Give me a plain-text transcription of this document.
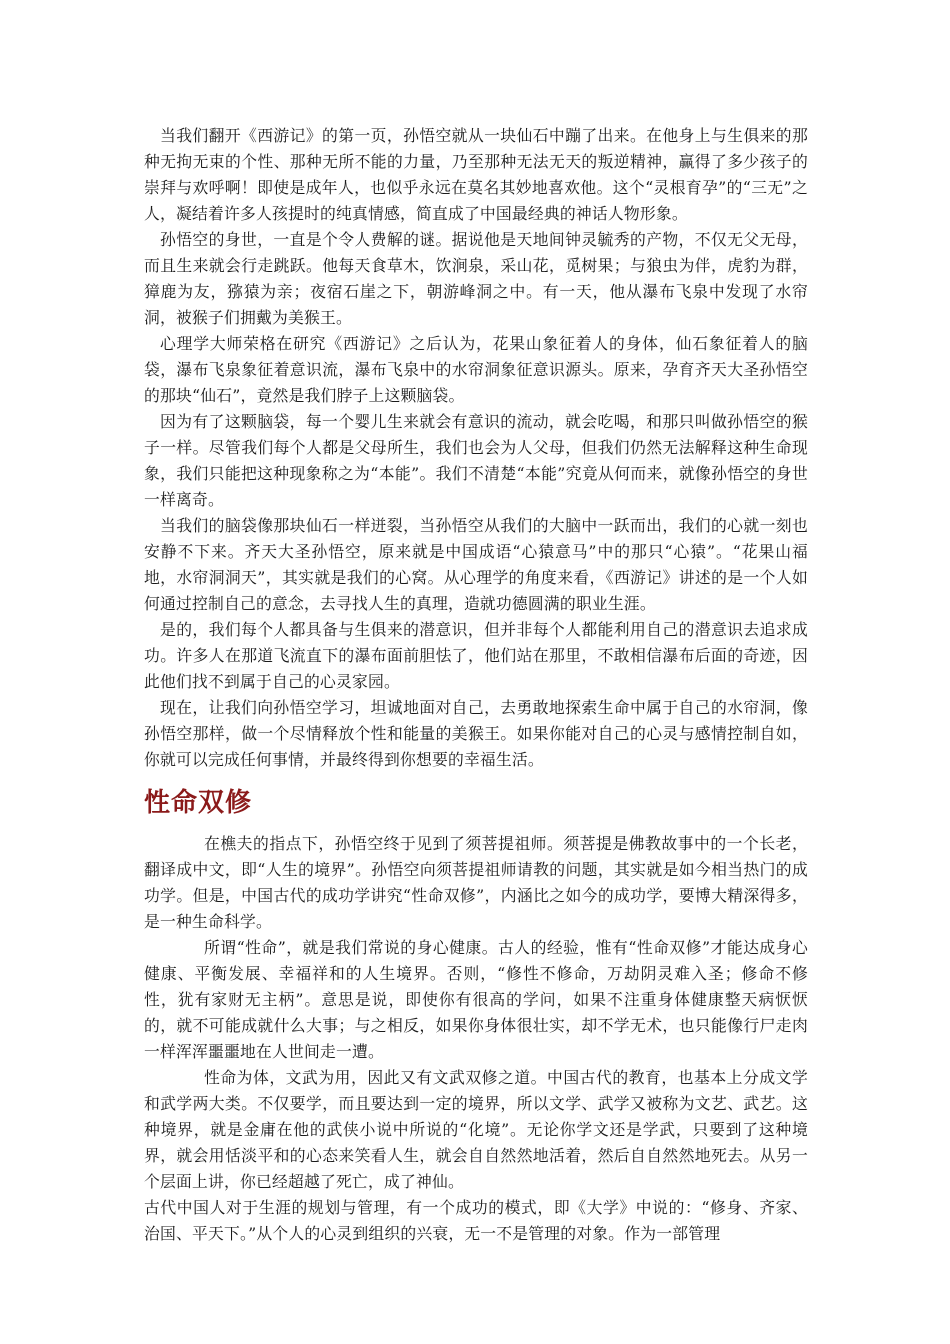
当我们翻开《西游记》的第一页，孙悟空就从一块仙石中蹦了出来。在他身上与生俱来的那种无拘无束的个性、那种无所不能的力量，乃至那种无法无天的叛逆精神，赢得了多少孩子的崇拜与欢呼啊！即使是成年人，也似乎永远在莫名其妙地喜欢他。这个“灵根育孕”的“三无”之人，凝结着许多人孩提时的纯真情感，简直成了中国最经典的神话人物形象。

孙悟空的身世，一直是个令人费解的谜。据说他是天地间钟灵毓秀的产物，不仅无父无母，而且生来就会行走跳跃。他每天食草木，饮涧泉，采山花，觅树果；与狼虫为伴，虎豹为群，獐鹿为友，猕猿为亲；夜宿石崖之下，朝游峰洞之中。有一天，他从瀑布飞泉中发现了水帘洞，被猴子们拥戴为美猴王。

心理学大师荣格在研究《西游记》之后认为，花果山象征着人的身体，仙石象征着人的脑袋，瀑布飞泉象征着意识流，瀑布飞泉中的水帘洞象征意识源头。原来，孕育齐天大圣孙悟空的那块“仙石”，竟然是我们脖子上这颗脑袋。

因为有了这颗脑袋，每一个婴儿生来就会有意识的流动，就会吃喝，和那只叫做孙悟空的猴子一样。尽管我们每个人都是父母所生，我们也会为人父母，但我们仍然无法解释这种生命现象，我们只能把这种现象称之为“本能”。我们不清楚“本能”究竟从何而来，就像孙悟空的身世一样离奇。

当我们的脑袋像那块仙石一样迸裂，当孙悟空从我们的大脑中一跃而出，我们的心就一刻也安静不下来。齐天大圣孙悟空，原来就是中国成语“心猿意马”中的那只“心猿”。“花果山福地，水帘洞洞天”，其实就是我们的心窝。从心理学的角度来看，《西游记》讲述的是一个人如何通过控制自己的意念，去寻找人生的真理，造就功德圆满的职业生涯。

是的，我们每个人都具备与生俱来的潜意识，但并非每个人都能利用自己的潜意识去追求成功。许多人在那道飞流直下的瀑布面前胆怯了，他们站在那里，不敢相信瀑布后面的奇迹，因此他们找不到属于自己的心灵家园。

现在，让我们向孙悟空学习，坦诚地面对自己，去勇敢地探索生命中属于自己的水帘洞，像孙悟空那样，做一个尽情释放个性和能量的美猴王。如果你能对自己的心灵与感情控制自如，你就可以完成任何事情，并最终得到你想要的幸福生活。

性命双修

在樵夫的指点下，孙悟空终于见到了须菩提祖师。须菩提是佛教故事中的一个长老，翻译成中文，即“人生的境界”。孙悟空向须菩提祖师请教的问题，其实就是如今相当热门的成功学。但是，中国古代的成功学讲究“性命双修”，内涵比之如今的成功学，要博大精深得多，是一种生命科学。

所谓“性命”，就是我们常说的身心健康。古人的经验，惟有“性命双修”才能达成身心健康、平衡发展、幸福祥和的人生境界。否则，“修性不修命，万劫阴灵难入圣；修命不修性，犹有家财无主柄”。意思是说，即使你有很高的学问，如果不注重身体健康整天病恹恹的，就不可能成就什么大事；与之相反，如果你身体很壮实，却不学无术，也只能像行尸走肉一样浑浑噩噩地在人世间走一遭。

性命为体，文武为用，因此又有文武双修之道。中国古代的教育，也基本上分成文学和武学两大类。不仅要学，而且要达到一定的境界，所以文学、武学又被称为文艺、武艺。这种境界，就是金庸在他的武侠小说中所说的“化境”。无论你学文还是学武，只要到了这种境界，就会用恬淡平和的心态来笑看人生，就会自自然然地活着，然后自自然然地死去。从另一个层面上讲，你已经超越了死亡，成了神仙。

古代中国人对于生涯的规划与管理，有一个成功的模式，即《大学》中说的：“修身、齐家、治国、平天下。”从个人的心灵到组织的兴衰，无一不是管理的对象。作为一部管理
